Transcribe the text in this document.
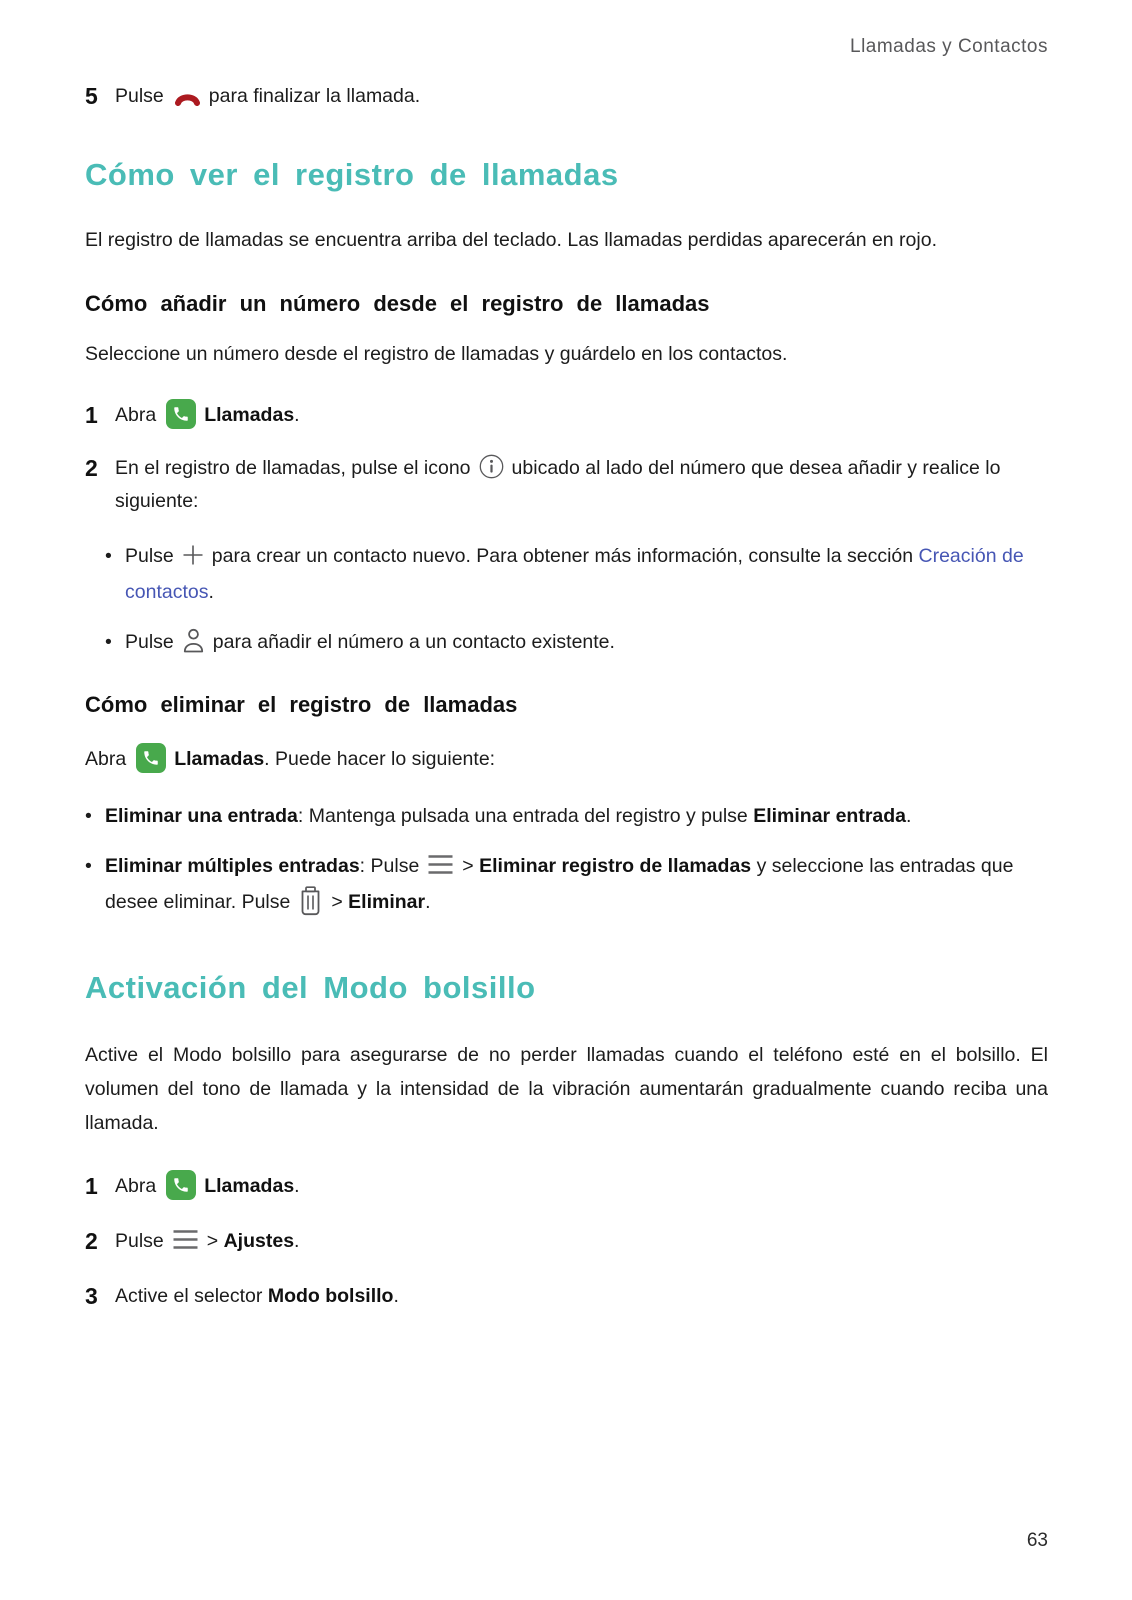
Llamadas y Contactos
5 Pulse para finalizar la llamada.
Cómo ver el registro de llamadas

El registro de llamadas se encuentra arriba del teclado. Las llamadas perdidas aparecerán en rojo.

Cómo añadir un número desde el registro de llamadas

Seleccione un número desde el registro de llamadas y guárdelo en los contactos.

1 Abra Llamadas.
2 En el registro de llamadas, pulse el icono ubicado al lado del número que desea añadir y realice lo siguiente:
• Pulse para crear un contacto nuevo. Para obtener más información, consulte la sección Creación de contactos.
• Pulse para añadir el número a un contacto existente.
Cómo eliminar el registro de llamadas

Abra Llamadas. Puede hacer lo siguiente:

• Eliminar una entrada: Mantenga pulsada una entrada del registro y pulse Eliminar entrada.
• Eliminar múltiples entradas: Pulse > Eliminar registro de llamadas y seleccione las entradas que desee eliminar. Pulse > Eliminar.
Activación del Modo bolsillo

Active el Modo bolsillo para asegurarse de no perder llamadas cuando el teléfono esté en el bolsillo. El volumen del tono de llamada y la intensidad de la vibración aumentarán gradualmente cuando reciba una llamada.

1 Abra Llamadas.
2 Pulse > Ajustes.
3 Active el selector Modo bolsillo.
63
